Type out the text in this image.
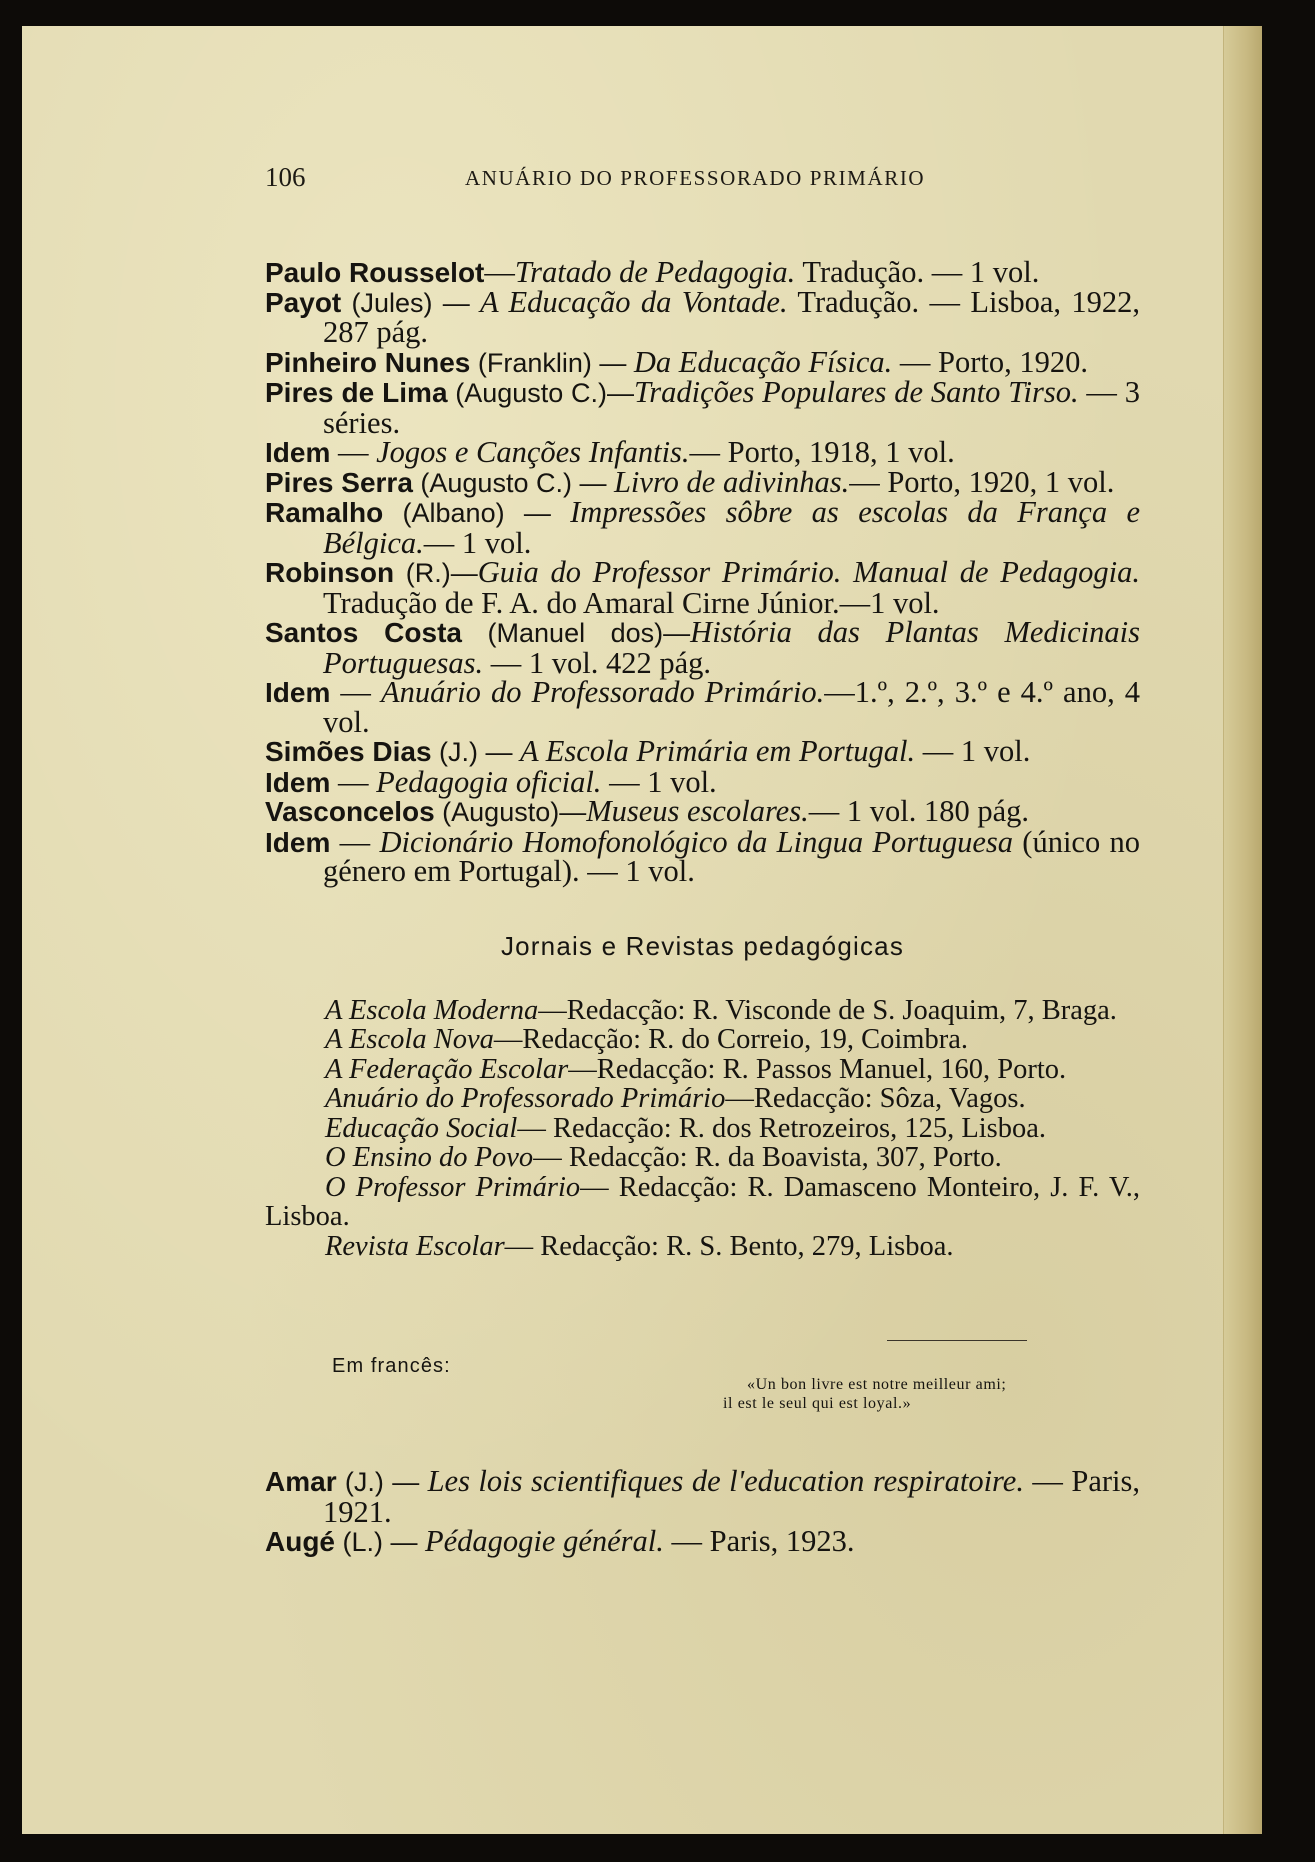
106	ANUÁRIO DO PROFESSORADO PRIMÁRIO

Paulo Rousselot—Tratado de Pedagogia. Tradução. — 1 vol.

Payot (Jules) — A Educação da Vontade. Tradução. — Lisboa, 1922, 287 pág.

Pinheiro Nunes (Franklin) — Da Educação Física. — Porto, 1920.

Pires de Lima (Augusto C.)—Tradições Populares de Santo Tirso. — 3 séries.

Idem — Jogos e Canções Infantis.— Porto, 1918, 1 vol.

Pires Serra (Augusto C.) — Livro de adivinhas.— Porto, 1920, 1 vol.

Ramalho (Albano) — Impressões sôbre as escolas da França e Bélgica.— 1 vol.

Robinson (R.)—Guia do Professor Primário. Manual de Pedagogia. Tradução de F. A. do Amaral Cirne Júnior.—1 vol.

Santos Costa (Manuel dos)—História das Plantas Medicinais Portuguesas. — 1 vol. 422 pág.

Idem — Anuário do Professorado Primário.—1.º, 2.º, 3.º e 4.º ano, 4 vol.

Simões Dias (J.) — A Escola Primária em Portugal. — 1 vol.

Idem — Pedagogia oficial. — 1 vol.

Vasconcelos (Augusto)—Museus escolares.— 1 vol. 180 pág.

Idem — Dicionário Homofonológico da Lingua Portuguesa (único no género em Portugal). — 1 vol.

Jornais e Revistas pedagógicas

A Escola Moderna—Redacção: R. Visconde de S. Joaquim, 7, Braga.

A Escola Nova—Redacção: R. do Correio, 19, Coimbra.

A Federação Escolar—Redacção: R. Passos Manuel, 160, Porto.

Anuário do Professorado Primário—Redacção: Sôza, Vagos.

Educação Social— Redacção: R. dos Retrozeiros, 125, Lisboa.

O Ensino do Povo— Redacção: R. da Boavista, 307, Porto.

O Professor Primário— Redacção: R. Damasceno Monteiro, J. F. V., Lisboa.

Revista Escolar— Redacção: R. S. Bento, 279, Lisboa.

Em francês:
«Un bon livre est notre meilleur ami;
il est le seul qui est loyal.»

Amar (J.) — Les lois scientifiques de l'education respiratoire. — Paris, 1921.

Augé (L.) — Pédagogie général. — Paris, 1923.
